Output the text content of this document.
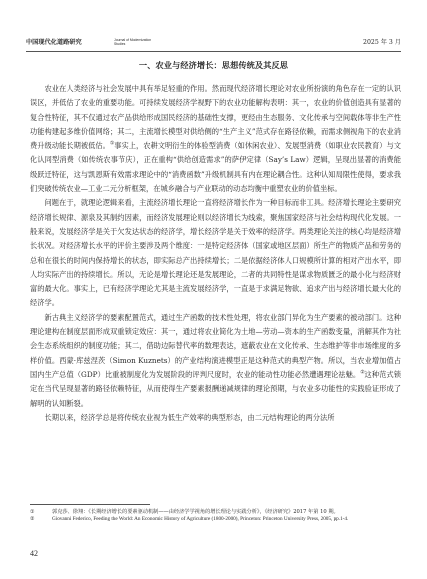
中国现代化道路研究	Journal of Modernization Studies	2025 年 3 月
一、农业与经济增长：思想传统及其反思

农业在人类经济与社会发展中具有举足轻重的作用。然而现代经济增长理论对农业所扮演的角色存在一定的认识误区，并低估了农业的重要功能。可持续发展经济学视野下的农业功能解构表明：其一，农业的价值创造具有显著的复合性特征，其不仅通过农产品供给形成国民经济的基础性支撑，更经由生态服务、文化传承与空间载体等非生产性功能构建起多维价值网络；其二，主流增长模型对供给侧的“生产主义”范式存在路径依赖，而需求侧视角下的农业消费升级动能长期被低估。①事实上，农耕文明衍生的体验型消费（如休闲农业）、发展型消费（如职业农民教育）与文化认同型消费（如传统农事节庆），正在重构“供给创造需求”的萨伊定律（Say’s Law）逻辑，呈现出显著的消费能级跃迁特征，这与凯恩斯有效需求理论中的“消费函数”升级机制具有内在理论耦合性。这种认知局限性使得，要求我们突破传统农业—工业二元分析框架，在城乡融合与产业联动的动态均衡中重塑农业的价值坐标。

问题在于，就理论逻辑来看，主流经济增长理论一直将经济增长作为一种目标而非工具。经济增长理论主要研究经济增长规律、源泉及其制约因素，而经济发展理论则以经济增长为线索，聚焦国家经济与社会结构现代化发展。一般来说，发展经济学是关于欠发达状态的经济学，增长经济学是关于效率的经济学。两类理论关注的核心均是经济增长状况。对经济增长水平的评价主要涉及两个维度：一是特定经济体（国家或地区层面）所生产的物质产品和劳务的总和在很长的时间内保持增长的状态，即实际总产出持续增长；二是依据经济体人口规模所计算的相对产出水平，即人均实际产出的持续增长。所以，无论是增长理论还是发展理论，二者的共同特性是谋求物质匮乏的最小化与经济财富的最大化。事实上，已有经济学理论尤其是主流发展经济学，一直是于求满足物欲、追求产出与经济增长最大化的经济学。

新古典主义经济学的要素配置范式，通过生产函数的技术性处理，将农业部门异化为生产要素的被动部门。这种理论建构在制度层面形成双重锁定效应：其一，通过将农业简化为土地—劳动—资本的生产函数变量，消解其作为社会生态系统组织的制度功能；其二，借助边际替代率的数理表达，遮蔽农业在文化传承、生态维护等非市场维度的多样价值。西蒙·库兹涅茨（Simon Kuznets）的产业结构演进模型正是这种范式的典型产物。所以，当农业增加值占国内生产总值（GDP）比重被制度化为发展阶段的评判尺度时，农业的能动性功能必然遭遇理论祛魅。②这种范式锁定在当代呈现显著的路径依赖特征，从而使得生产要素报酬递减规律的理论预期，与农业多功能性的实践验证形成了解明的认知断裂。

长期以来，经济学总是将传统农业视为低生产效率的典型形态，由二元结构理论的两分法所

①	郭克莎、徐翔：《长期经济增长的要素驱动机制——由经济学学视角的增长理论与实践分析》，《经济研究》2017 年第 10 期。
②	Giovanni Federico, Feeding the World: An Economic History of Agriculture (1800-2000), Princeton: Princeton University Press, 2005, pp.1-4.
42
